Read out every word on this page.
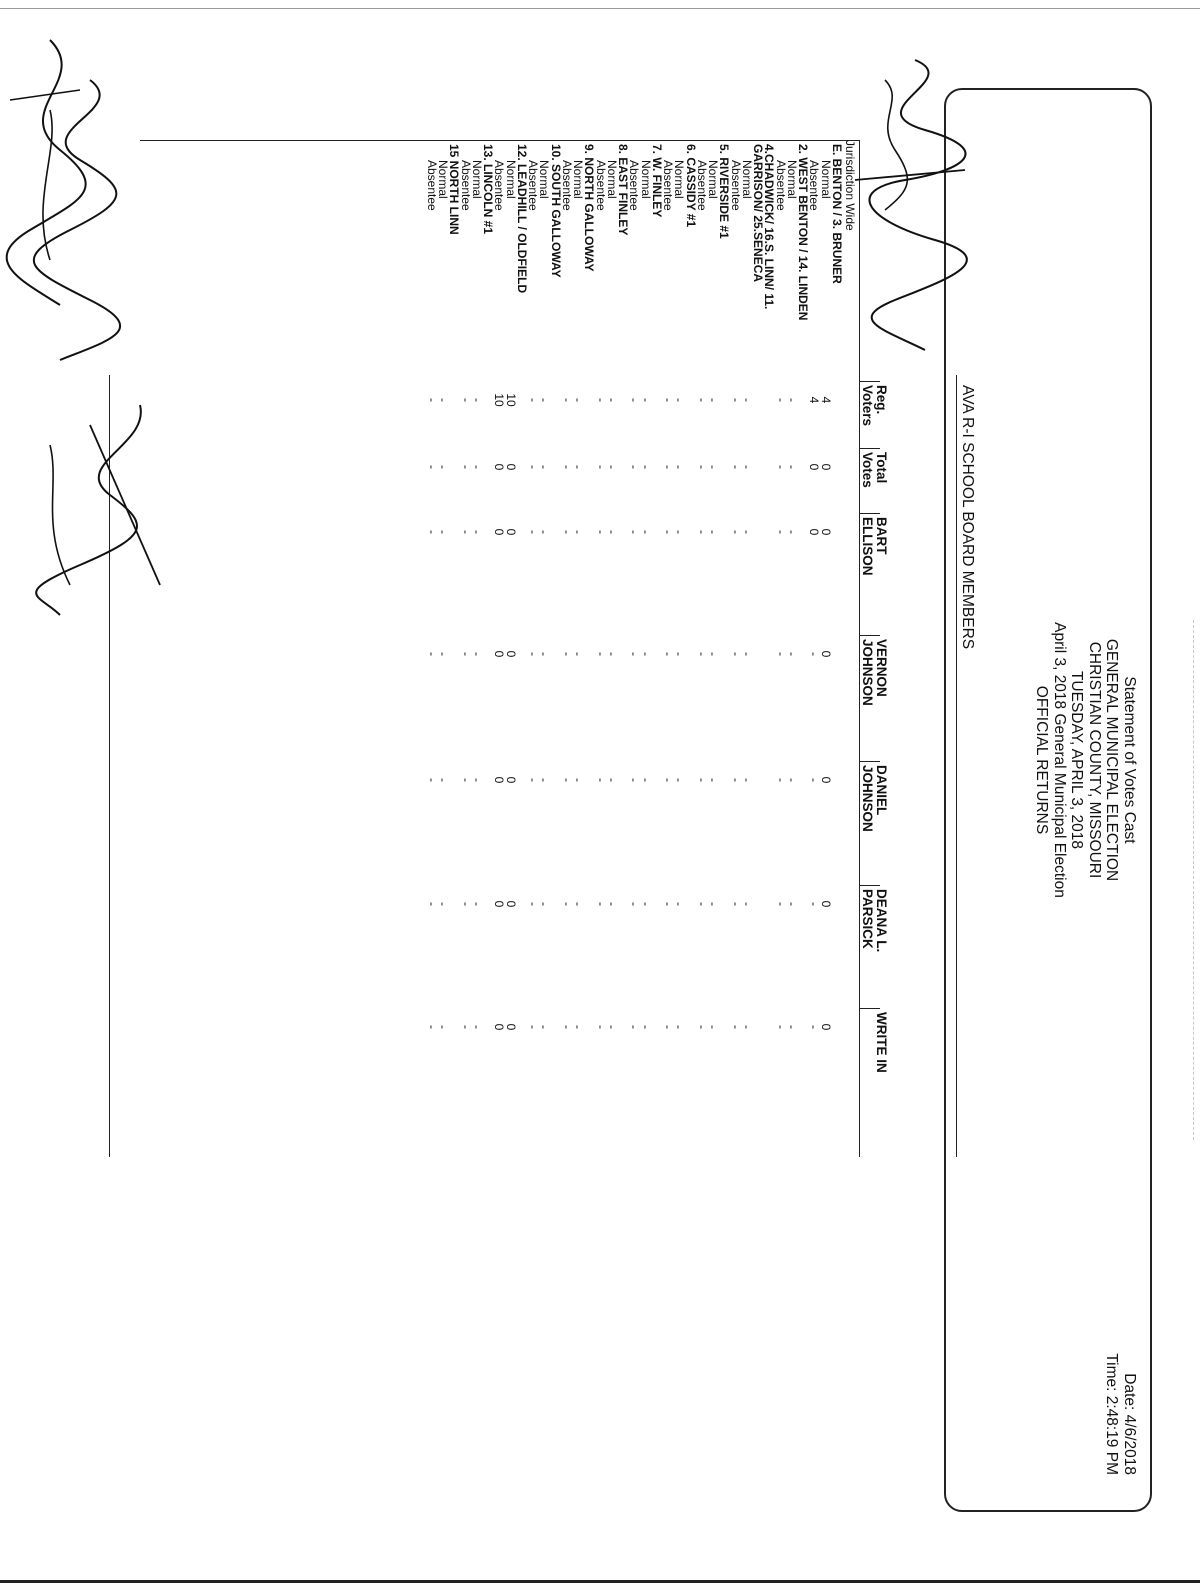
Statement of Votes Cast
GENERAL MUNICIPAL ELECTION
CHRISTIAN COUNTY, MISSOURI
TUESDAY, APRIL 3, 2018
April 3, 2018 General Municipal Election
OFFICIAL RETURNS
Date: 4/6/2018
Time: 2:48:19 PM
AVA R-I SCHOOL BOARD MEMBERS
Jurisdiction Wide
Reg.
Voters
Total
Votes
BART
ELLISON
VERNON
JOHNSON
DANIEL
JOHNSON
DEANA L.
PARSICK
WRITE IN
E. BENTON / 3. BRUNER
Normal
4
0
0
0
0
0
0
Absentee
4
0
0
-
-
-
-
2. WEST BENTON / 14. LINDEN
Normal
-
-
-
-
-
-
-
Absentee
-
-
-
-
-
-
-
4.CHADWICK/ 16.S. LINN/ 11.
GARRISON/ 25.SENECA
Normal
-
-
-
-
-
-
-
Absentee
-
-
-
-
-
-
-
5. RIVERSIDE #1
Normal
-
-
-
-
-
-
-
Absentee
-
-
-
-
-
-
-
6. CASSIDY #1
Normal
-
-
-
-
-
-
-
Absentee
-
-
-
-
-
-
-
7. W. FINLEY
Normal
-
-
-
-
-
-
-
Absentee
-
-
-
-
-
-
-
8. EAST FINLEY
Normal
-
-
-
-
-
-
-
Absentee
-
-
-
-
-
-
-
9. NORTH GALLOWAY
Normal
-
-
-
-
-
-
-
Absentee
-
-
-
-
-
-
-
10. SOUTH GALLOWAY
Normal
-
-
-
-
-
-
-
Absentee
-
-
-
-
-
-
-
12. LEADHILL / OLDFIELD
Normal
10
0
0
0
0
0
0
Absentee
10
0
0
0
0
0
0
13. LINCOLN #1
Normal
-
-
-
-
-
-
-
Absentee
-
-
-
-
-
-
-
15 NORTH LINN
Normal
-
-
-
-
-
-
-
Absentee
-
-
-
-
-
-
-
